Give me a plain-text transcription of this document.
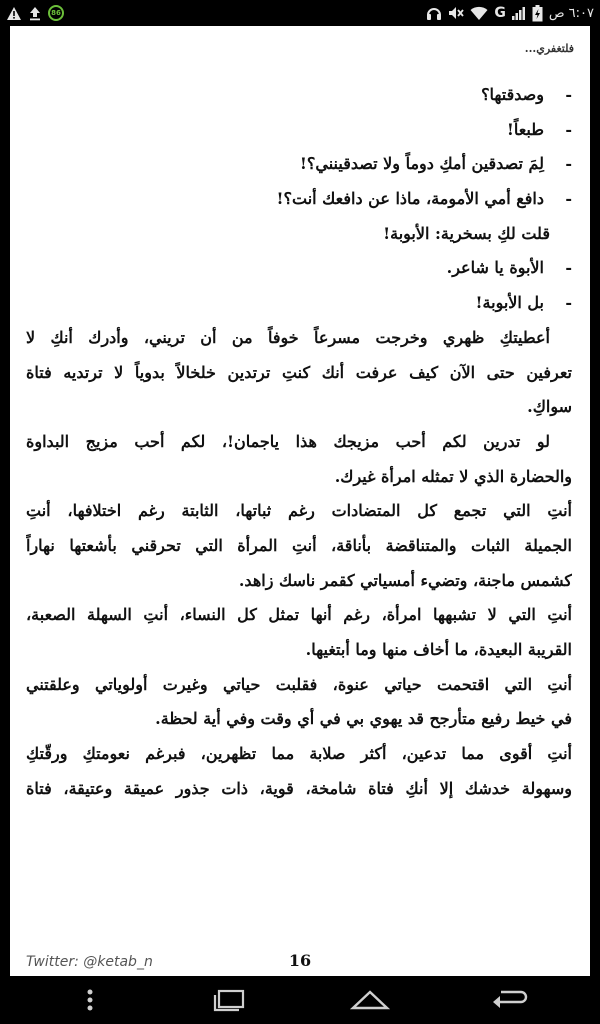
86	G	٦:٠٧ ص
فلتغفري...
- وصدقتها؟
- طبعاً!
- لِمَ تصدقين أمكِ دوماً ولا تصدقينني؟!
- دافع أمي الأمومة، ماذا عن دافعك أنت؟!
قلت لكِ بسخرية: الأبوبة!
- الأبوة يا شاعر.
- بل الأبوبة!
أعطيتكِ ظهري وخرجت مسرعاً خوفاً من أن تريني، وأدرك أنكِ لا
تعرفين حتى الآن كيف عرفت أنك كنتِ ترتدين خلخالاً بدوياً لا ترتديه فتاة
سواكِ.
لو تدرين لكم أحب مزيجك هذا ياجمان!، لكم أحب مزيج البداوة
والحضارة الذي لا تمثله امرأة غيرك.
أنتِ التي تجمع كل المتضادات رغم ثباتها، الثابتة رغم اختلافها، أنتِ
الجميلة الثبات والمتناقضة بأناقة، أنتِ المرأة التي تحرقني بأشعتها نهاراً
كشمس ماجنة، وتضيء أمسياتي كقمر ناسك زاهد.
أنتِ التي لا تشبهها امرأة، رغم أنها تمثل كل النساء، أنتِ السهلة الصعبة،
القريبة البعيدة، ما أخاف منها وما أبتغيها.
أنتِ التي اقتحمت حياتي عنوة، فقلبت حياتي وغيرت أولوياتي وعلقتني
في خيط رفيع متأرجح قد يهوي بي في أي وقت وفي أية لحظة.
أنتِ أقوى مما تدعين، أكثر صلابة مما تظهرين، فبرغم نعومتكِ ورقّتكِ
وسهولة خدشك إلا أنكِ فتاة شامخة، قوية، ذات جذور عميقة وعتيقة، فتاة
Twitter: @ketab_n	16
